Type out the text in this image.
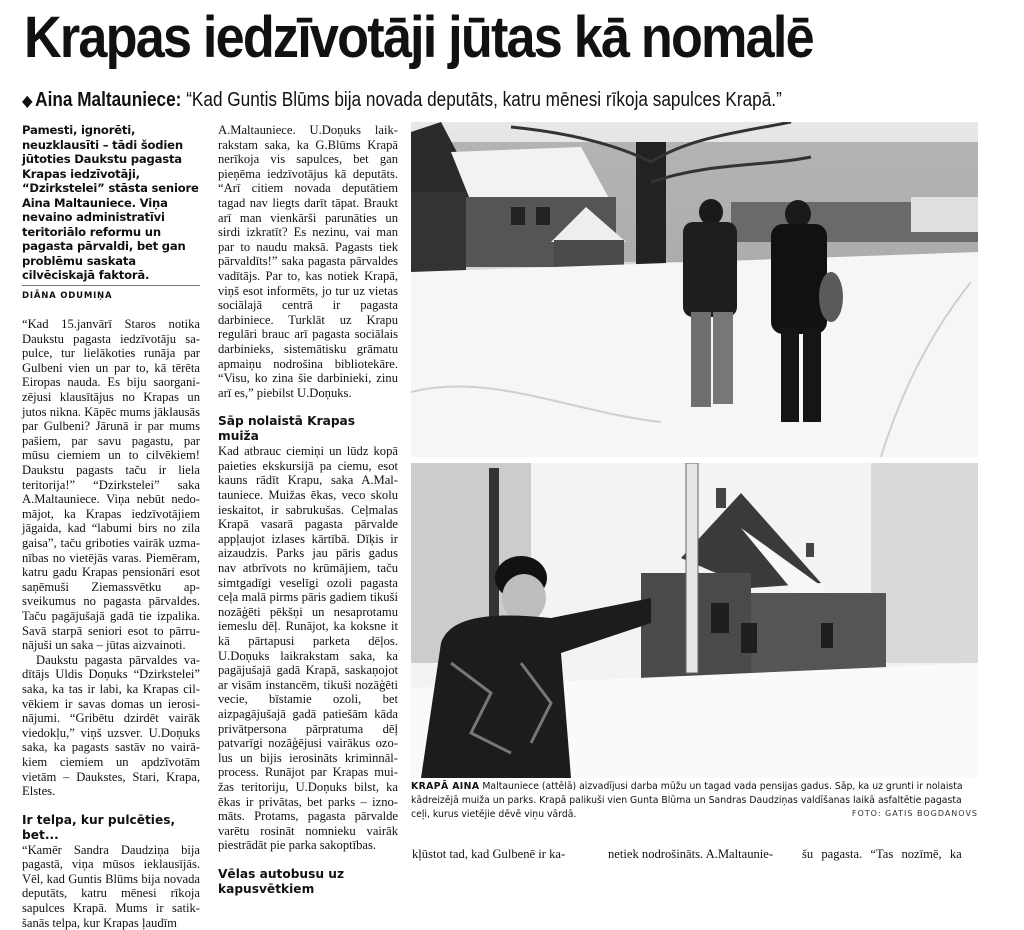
Krapas iedzīvotāji jūtas kā nomalē
◆ Aina Maltauniece: “Kad Guntis Blūms bija novada deputāts, katru mēnesi rīkoja sapulces Krapā.”

Pamesti, ignorēti, neuzklausīti – tādi šodien jūtoties Daukstu pagasta Krapas iedzīvotāji, “Dzirkstelei” stāsta seniore Aina Maltauniece. Viņa nevaino administratīvi teritoriālo reformu un pagasta pārvaldi, bet gan problēmu saskata cilvēciskajā faktorā.

DIĀNA ODUMIŅA

“Kad 15.janvārī Staros notika Daukstu pagasta iedzīvotāju sapulce, tur lielākoties runāja par Gulbeni vien un par to, kā tērēta Eiropas nauda. Es biju saorganizējusi klausītājus no Krapas un jutos nikna. Kāpēc mums jāklausās par Gulbeni? Jārunā ir par mums pašiem, par savu pagastu, par mūsu ciemiem un to cilvēkiem! Daukstu pagasts taču ir liela teritorija!” “Dzirkstelei” saka A.Maltauniece. Viņa nebūt nedomājot, ka Krapas iedzīvotājiem jāgaida, kad “labumi birs no zila gaisa”, taču griboties vairāk uzmanības no vietējās varas. Piemēram, katru gadu Krapas pensionāri esot saņēmuši Ziemassvētku apsveikumus no pagasta pārvaldes. Taču pagājušajā gadā tie izpalika. Savā starpā seniori esot to pārrunājuši un saka – jūtas aizvainoti.

Daukstu pagasta pārvaldes vadītājs Uldis Doņuks “Dzirkstelei” saka, ka tas ir labi, ka Krapas cilvēkiem ir savas domas un ierosinājumi. “Gribētu dzirdēt vairāk viedokļu,” viņš uzsver. U.Doņuks saka, ka pagasts sastāv no vairākiem ciemiem un apdzīvotām vietām – Daukstes, Stari, Krapa, Elstes.

Ir telpa, kur pulcēties, bet...

“Kamēr Sandra Daudziņa bija pagastā, viņa mūsos ieklausījās. Vēl, kad Guntis Blūms bija novada deputāts, katru mēnesi rīkoja sapulces Krapā. Mums ir satikšanās telpa, kur Krapas ļaudīm

A.Maltauniece. U.Doņuks laikrakstam saka, ka G.Blūms Krapā nerīkoja vis sapulces, bet gan pieņēma iedzīvotājus kā deputāts. “Arī citiem novada deputātiem tagad nav liegts darīt tāpat. Braukt arī man vienkārši parunāties un sirdi izkratīt? Es nezinu, vai man par to naudu maksā. Pagasts tiek pārvaldīts!” saka pagasta pārvaldes vadītājs. Par to, kas notiek Krapā, viņš esot informēts, jo tur uz vietas sociālajā centrā ir pagasta darbiniece. Turklāt uz Krapu regulāri brauc arī pagasta sociālais darbinieks, sistemātisku grāmatu apmaiņu nodrošina bibliotekāre. “Visu, ko zina šie darbinieki, zinu arī es,” piebilst U.Doņuks.

Sāp nolaistā Krapas muiža

Kad atbrauc ciemiņi un lūdz kopā paieties ekskursijā pa ciemu, esot kauns rādīt Krapu, saka A.Maltauniece. Muižas ēkas, veco skolu ieskaitot, ir sabrukušas. Ceļmalas Krapā vasarā pagasta pārvalde appļaujot izlases kārtībā. Dīķis ir aizaudzis. Parks jau pāris gadus nav atbrīvots no krūmājiem, taču simtgadīgi veselīgi ozoli pagasta ceļa malā pirms pāris gadiem tikuši nozāģēti pēkšņi un nesaprotamu iemeslu dēļ. Runājot, ka koksne it kā pārtapusi parketa dēļos. U.Doņuks laikrakstam saka, ka pagājušajā gadā Krapā, saskaņojot ar visām instancēm, tikuši nozāģēti vecie, bīstamie ozoli, bet aizpagājušajā gadā patiešām kāda privātpersona pārpratuma dēļ patvarīgi nozāģējusi vairākus ozolus un bijis ierosināts kriminnālprocess. Runājot par Krapas muižas teritoriju, U.Doņuks bilst, ka ēkas ir privātas, bet parks – iznomāts. Protams, pagasta pārvalde varētu rosināt nomnieku vairāk piestrādāt pie parka sakoptības.

Vēlas autobusu uz kapusvētkiem

KRAPĀ AINA Maltauniece (attēlā) aizvadījusi darba mūžu un tagad vada pensijas gadus. Sāp, ka uz grunti ir nolaista kādreizējā muiža un parks. Krapā palikuši vien Gunta Blūma un Sandras Daudziņas valdīšanas laikā asfaltētie pagasta ceļi, kurus vietējie dēvē viņu vārdā.	FOTO: GATIS BOGDANOVS
kļūstot tad, kad Gulbenē ir ka-	netiek nodrošināts. A.Maltaunie- šu pagasta. “Tas nozīmē, ka
